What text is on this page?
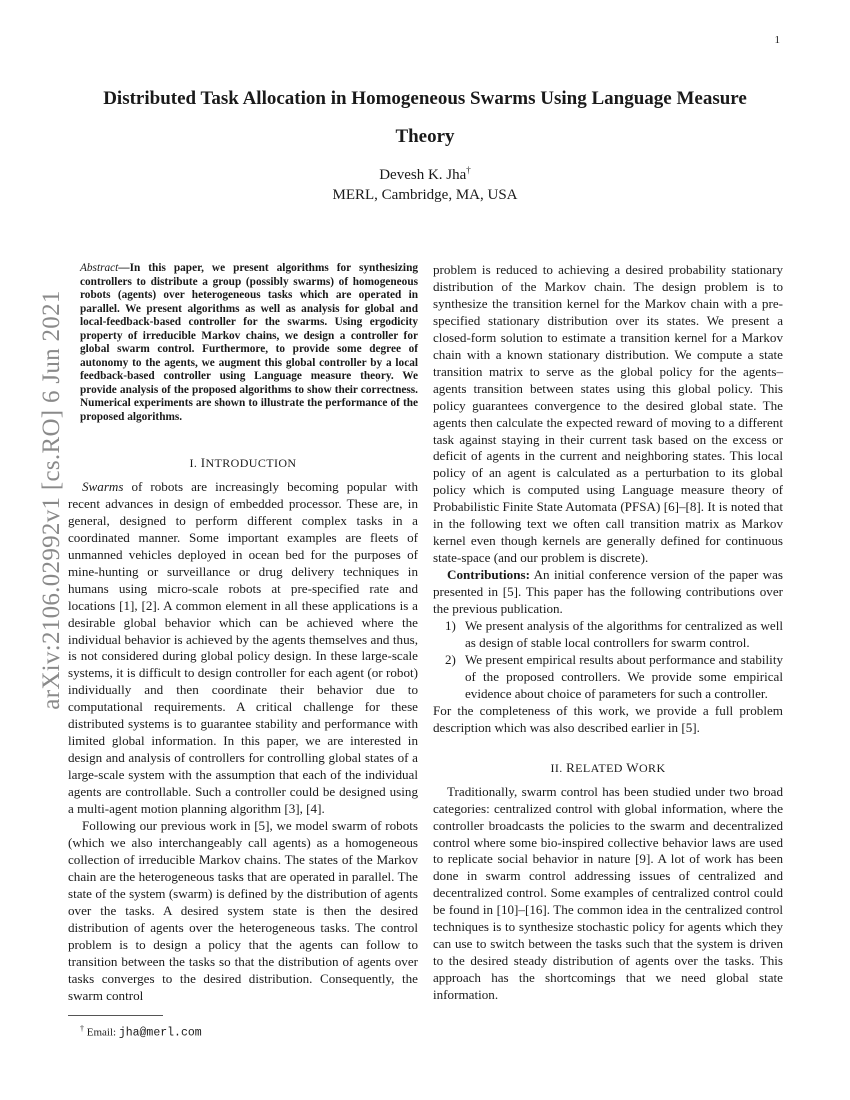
1
arXiv:2106.02992v1 [cs.RO] 6 Jun 2021
Distributed Task Allocation in Homogeneous Swarms Using Language Measure Theory
Devesh K. Jha†
MERL, Cambridge, MA, USA

Abstract—In this paper, we present algorithms for synthesizing controllers to distribute a group (possibly swarms) of homogeneous robots (agents) over heterogeneous tasks which are operated in parallel. We present algorithms as well as analysis for global and local-feedback-based controller for the swarms. Using ergodicity property of irreducible Markov chains, we design a controller for global swarm control. Furthermore, to provide some degree of autonomy to the agents, we augment this global controller by a local feedback-based controller using Language measure theory. We provide analysis of the proposed algorithms to show their correctness. Numerical experiments are shown to illustrate the performance of the proposed algorithms.

I. INTRODUCTION

Swarms of robots are increasingly becoming popular with recent advances in design of embedded processor. These are, in general, designed to perform different complex tasks in a coordinated manner. Some important examples are fleets of unmanned vehicles deployed in ocean bed for the purposes of mine-hunting or surveillance or drug delivery techniques in humans using micro-scale robots at pre-specified rate and locations [1], [2]. A common element in all these applications is a desirable global behavior which can be achieved where the individual behavior is achieved by the agents themselves and thus, is not considered during global policy design. In these large-scale systems, it is difficult to design controller for each agent (or robot) individually and then coordinate their behavior due to computational requirements. A critical challenge for these distributed systems is to guarantee stability and performance with limited global information. In this paper, we are interested in design and analysis of controllers for controlling global states of a large-scale system with the assumption that each of the individual agents are controllable. Such a controller could be designed using a multi-agent motion planning algorithm [3], [4].

Following our previous work in [5], we model swarm of robots (which we also interchangeably call agents) as a homogeneous collection of irreducible Markov chains. The states of the Markov chain are the heterogeneous tasks that are operated in parallel. The state of the system (swarm) is defined by the distribution of agents over the tasks. A desired system state is then the desired distribution of agents over the heterogeneous tasks. The control problem is to design a policy that the agents can follow to transition between the tasks so that the distribution of agents over tasks converges to the desired distribution. Consequently, the swarm control

problem is reduced to achieving a desired probability stationary distribution of the Markov chain. The design problem is to synthesize the transition kernel for the Markov chain with a pre-specified stationary distribution over its states. We present a closed-form solution to estimate a transition kernel for a Markov chain with a known stationary distribution. We compute a state transition matrix to serve as the global policy for the agents– agents transition between states using this global policy. This policy guarantees convergence to the desired global state. The agents then calculate the expected reward of moving to a different task against staying in their current task based on the excess or deficit of agents in the current and neighboring states. This local policy of an agent is calculated as a perturbation to its global policy which is computed using Language measure theory of Probabilistic Finite State Automata (PFSA) [6]–[8]. It is noted that in the following text we often call transition matrix as Markov kernel even though kernels are generally defined for continuous state-space (and our problem is discrete).

Contributions: An initial conference version of the paper was presented in [5]. This paper has the following contributions over the previous publication.

1) We present analysis of the algorithms for centralized as well as design of stable local controllers for swarm control.
2) We present empirical results about performance and stability of the proposed controllers. We provide some empirical evidence about choice of parameters for such a controller.

For the completeness of this work, we provide a full problem description which was also described earlier in [5].

II. RELATED WORK

Traditionally, swarm control has been studied under two broad categories: centralized control with global information, where the controller broadcasts the policies to the swarm and decentralized control where some bio-inspired collective behavior laws are used to replicate social behavior in nature [9]. A lot of work has been done in swarm control addressing issues of centralized and decentralized control. Some examples of centralized control could be found in [10]–[16]. The common idea in the centralized control techniques is to synthesize stochastic policy for agents which they can use to switch between the tasks such that the system is driven to the desired steady distribution of agents over the tasks. This approach has the shortcomings that we need global state information.

† Email: jha@merl.com
